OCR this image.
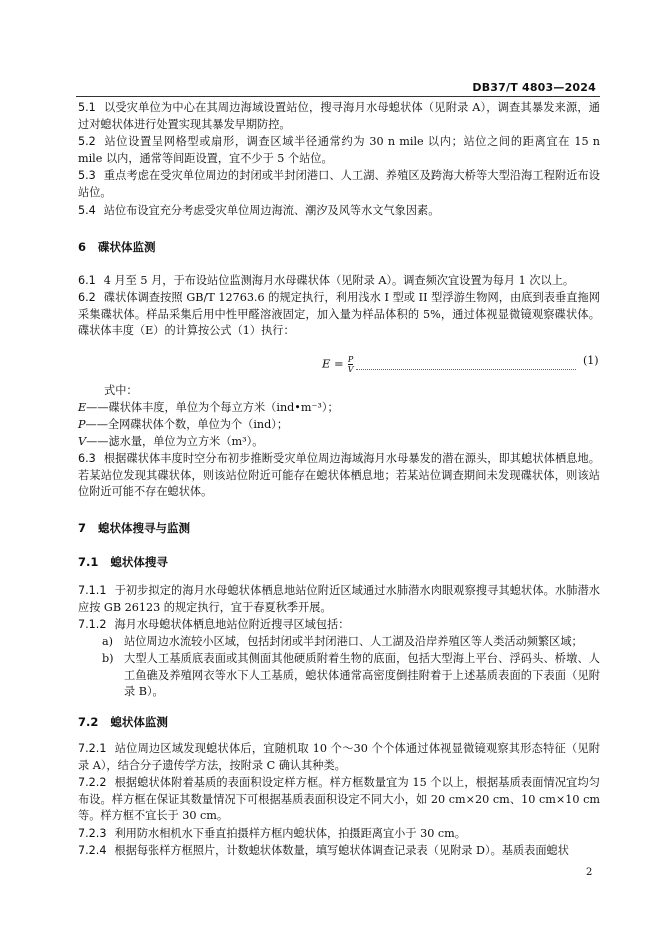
DB37/T 4803—2024
5.1 以受灾单位为中心在其周边海域设置站位，搜寻海月水母螅状体（见附录 A），调查其暴发来源，通过对螅状体进行处置实现其暴发早期防控。
5.2 站位设置呈网格型或扇形，调查区域半径通常约为 30 n mile 以内；站位之间的距离宜在 15 n mile 以内，通常等间距设置，宜不少于 5 个站位。
5.3 重点考虑在受灾单位周边的封闭或半封闭港口、人工湖、养殖区及跨海大桥等大型沿海工程附近布设站位。
5.4 站位布设宜充分考虑受灾单位周边海流、潮汐及风等水文气象因素。
6 碟状体监测
6.1 4 月至 5 月，于布设站位监测海月水母碟状体（见附录 A）。调查频次宜设置为每月 1 次以上。
6.2 碟状体调查按照 GB/T 12763.6 的规定执行，利用浅水 I 型或 II 型浮游生物网，由底到表垂直拖网采集碟状体。样品采集后用中性甲醛溶液固定，加入量为样品体积的 5%，通过体视显微镜观察碟状体。碟状体丰度（E）的计算按公式（1）执行：
$E = \frac{P}{V}$	(1)
式中：
E——碟状体丰度，单位为个每立方米（ind•m⁻³）；
P——全网碟状体个数，单位为个（ind）；
V——滤水量，单位为立方米（m³）。
6.3 根据碟状体丰度时空分布初步推断受灾单位周边海域海月水母暴发的潜在源头，即其螅状体栖息地。若某站位发现其碟状体，则该站位附近可能存在螅状体栖息地；若某站位调查期间未发现碟状体，则该站位附近可能不存在螅状体。
7 螅状体搜寻与监测
7.1 螅状体搜寻
7.1.1 于初步拟定的海月水母螅状体栖息地站位附近区域通过水肺潜水肉眼观察搜寻其螅状体。水肺潜水应按 GB 26123 的规定执行，宜于春夏秋季开展。
7.1.2 海月水母螅状体栖息地站位附近搜寻区域包括：
a) 站位周边水流较小区域，包括封闭或半封闭港口、人工湖及沿岸养殖区等人类活动频繁区域；
b) 大型人工基质底表面或其侧面其他硬质附着生物的底面，包括大型海上平台、浮码头、桥墩、人工鱼礁及养殖网衣等水下人工基质，螅状体通常高密度倒挂附着于上述基质表面的下表面（见附录 B）。
7.2 螅状体监测
7.2.1 站位周边区域发现螅状体后，宜随机取 10 个～30 个个体通过体视显微镜观察其形态特征（见附录 A），结合分子遗传学方法，按附录 C 确认其种类。
7.2.2 根据螅状体附着基质的表面积设定样方框。样方框数量宜为 15 个以上，根据基质表面情况宜均匀布设。样方框在保证其数量情况下可根据基质表面积设定不同大小，如 20 cm×20 cm、10 cm×10 cm 等。样方框不宜长于 30 cm。
7.2.3 利用防水相机水下垂直拍摄样方框内螅状体，拍摄距离宜小于 30 cm。
7.2.4 根据每张样方框照片，计数螅状体数量，填写螅状体调查记录表（见附录 D）。基质表面螅状
2
